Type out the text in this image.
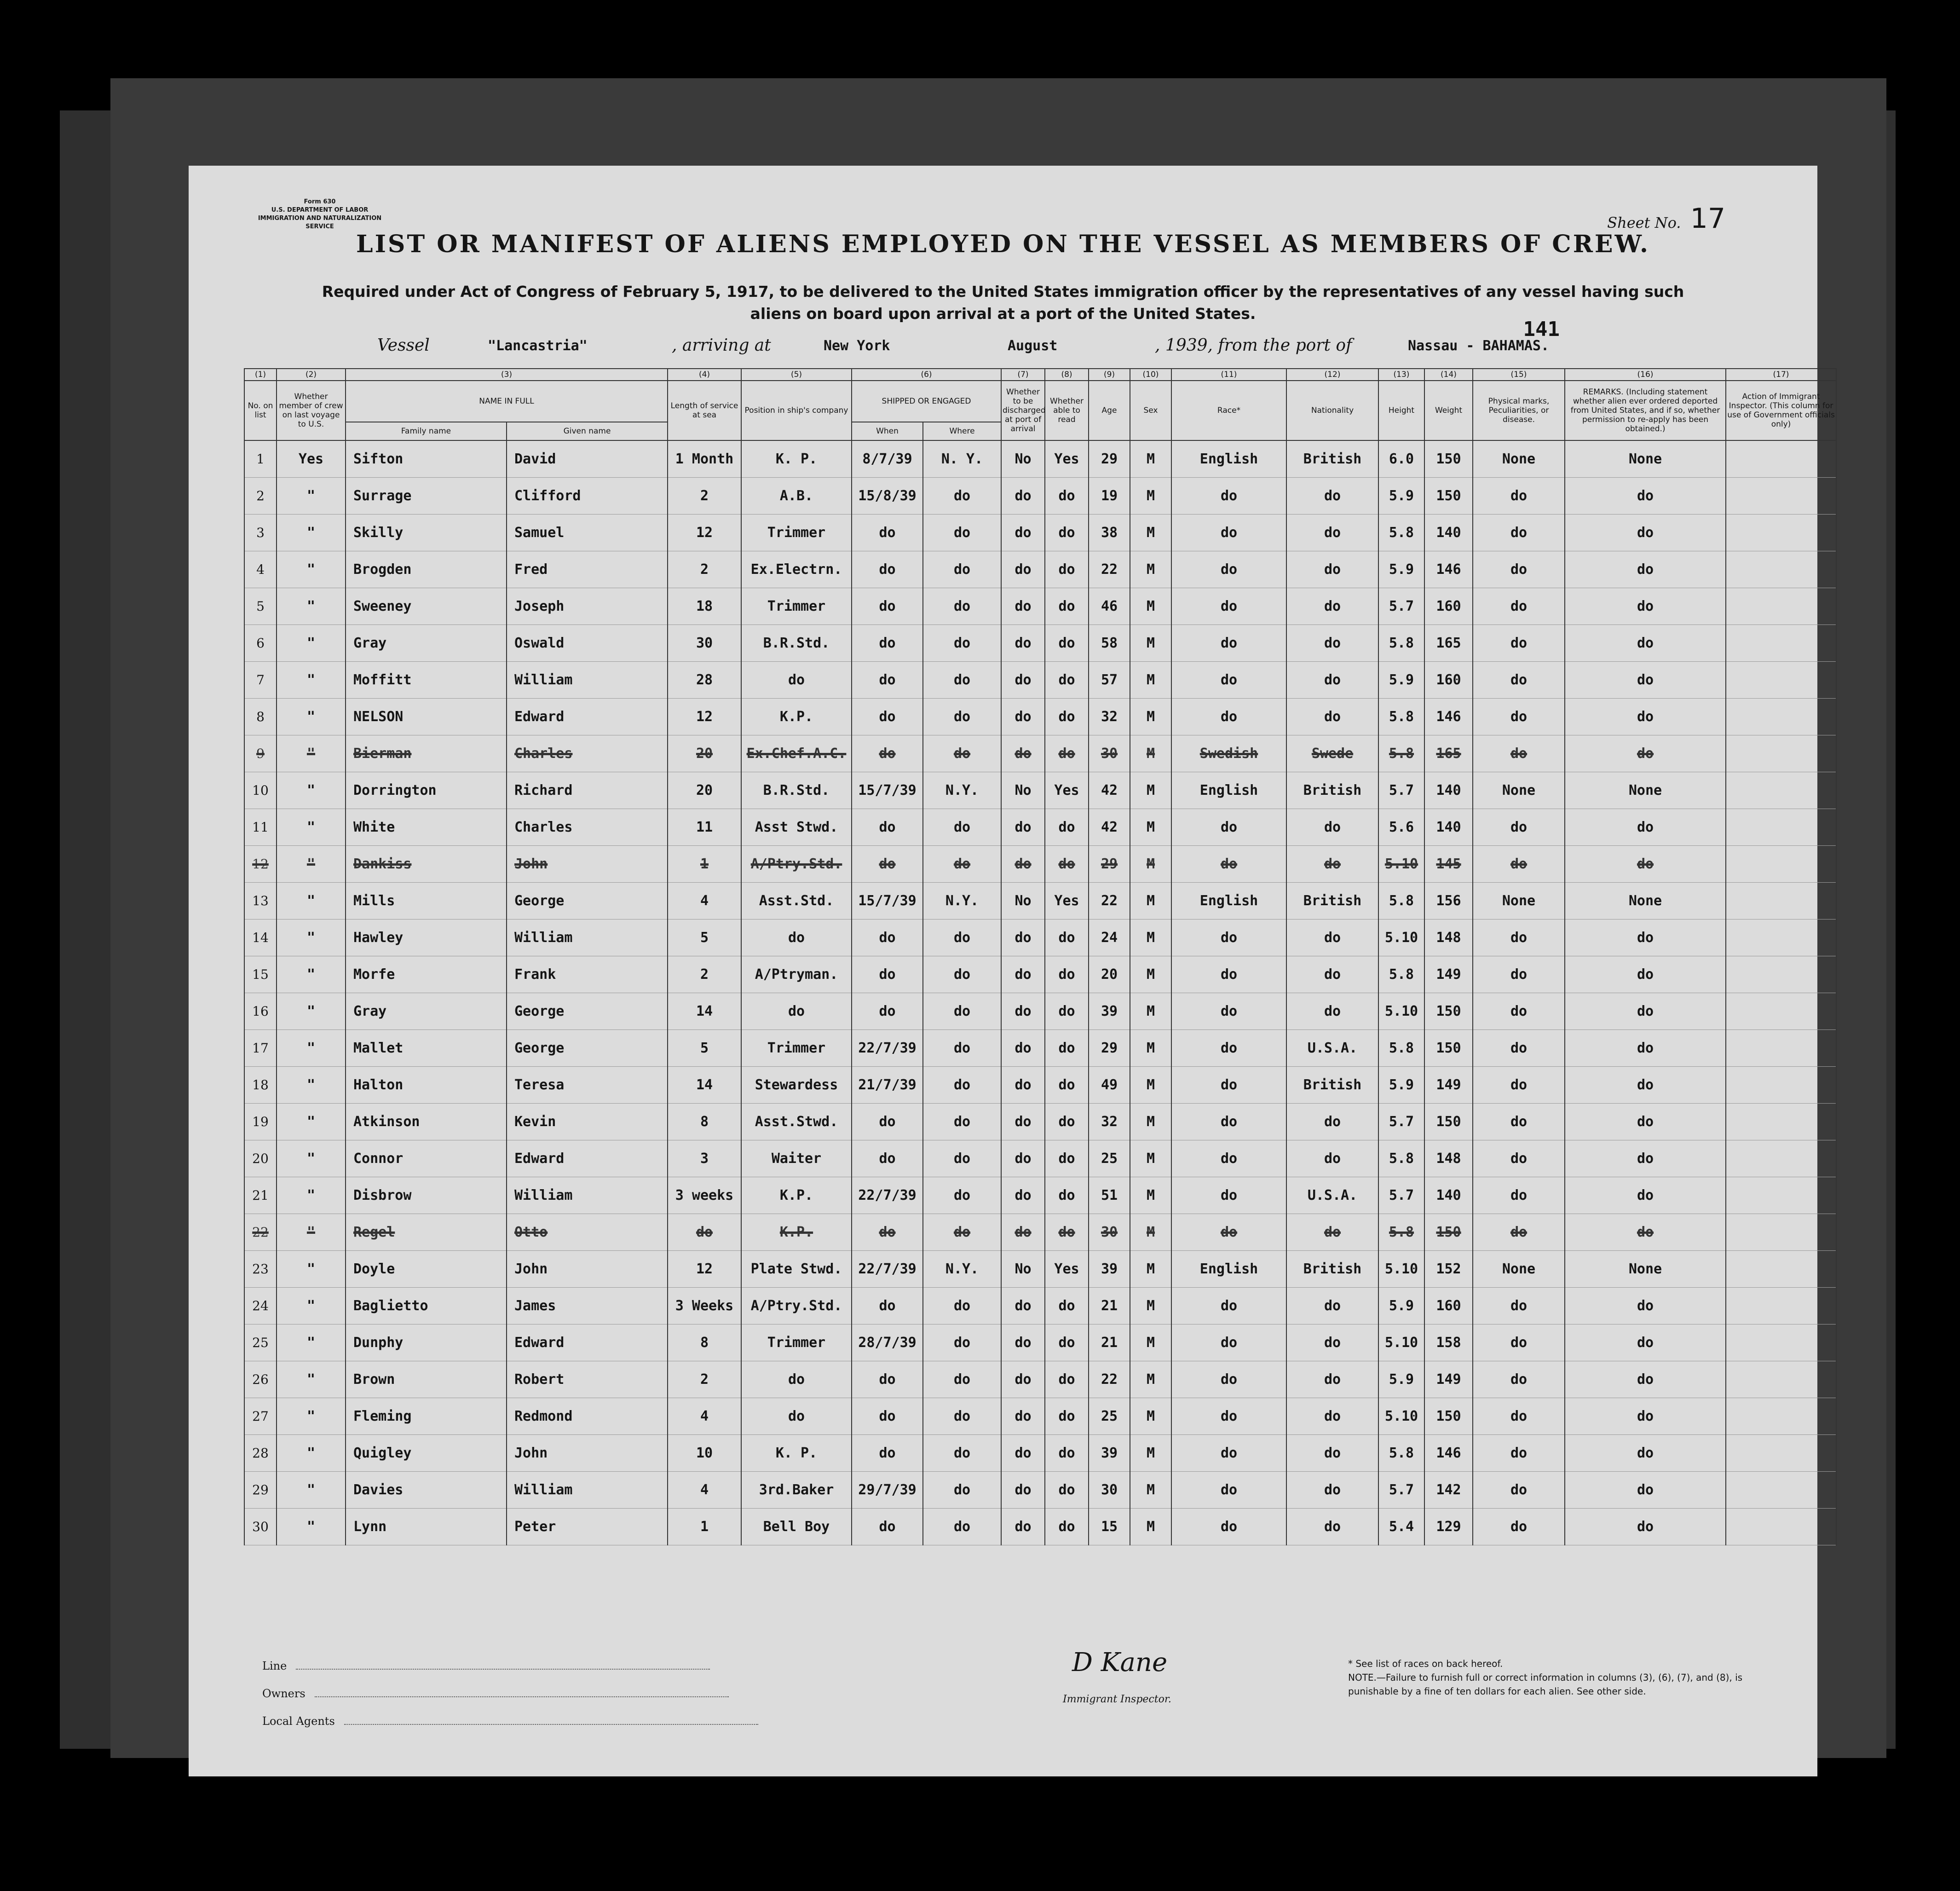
Form 630
U.S. DEPARTMENT OF LABOR
IMMIGRATION AND NATURALIZATION SERVICE	Sheet No. 17
LIST OR MANIFEST OF ALIENS EMPLOYED ON THE VESSEL AS MEMBERS OF CREW.
Required under Act of Congress of February 5, 1917, to be delivered to the United States immigration officer by the representatives of any vessel having such aliens on board upon arrival at a port of the United States.
141
Vessel	"Lancastria"	, arriving at	New York	August	, 1939, from the port of	Nassau - BAHAMAS.
(1)	(2)	(3)		(4)	(5)	(6)		(7)	(8)	(9)	(10)	(11)	(12)	(13)	(14)	(15)	(16)	(17)
No. on list	Whether member of crew on last voyage to U.S.	NAME IN FULL		Length of service at sea	Position in ship's company	SHIPPED OR ENGAGED		Whether to be discharged at port of arrival	Whether able to read	Age	Sex	Race*	Nationality	Height	Weight	Physical marks, Peculiarities, or disease.	REMARKS. (Including statement whether alien ever ordered deported from United States, and if so, whether permission to re-apply has been obtained.)	Action of Immigrant Inspector. (This column for use of Government officials only)
		Family name	Given name			When	Where											
1	Yes	Sifton	David	1 Month	K. P.	8/7/39	N. Y.	No	Yes	29	M	English	British	6.0	150	None	None	
2	"	Surrage	Clifford	2	A.B.	15/8/39	do	do	do	19	M	do	do	5.9	150	do	do	
3	"	Skilly	Samuel	12	Trimmer	do	do	do	do	38	M	do	do	5.8	140	do	do	
4	"	Brogden	Fred	2	Ex.Electrn.	do	do	do	do	22	M	do	do	5.9	146	do	do	
5	"	Sweeney	Joseph	18	Trimmer	do	do	do	do	46	M	do	do	5.7	160	do	do	
6	"	Gray	Oswald	30	B.R.Std.	do	do	do	do	58	M	do	do	5.8	165	do	do	
7	"	Moffitt	William	28	do	do	do	do	do	57	M	do	do	5.9	160	do	do	
8	"	NELSON	Edward	12	K.P.	do	do	do	do	32	M	do	do	5.8	146	do	do	
9	"	Bierman	Charles	20	Ex.Chef.A.C.	do	do	do	do	30	M	Swedish	Swede	5.8	165	do	do	
10	"	Dorrington	Richard	20	B.R.Std.	15/7/39	N.Y.	No	Yes	42	M	English	British	5.7	140	None	None	
11	"	White	Charles	11	Asst Stwd.	do	do	do	do	42	M	do	do	5.6	140	do	do	
12	"	Dankiss	John	1	A/Ptry.Std.	do	do	do	do	29	M	do	do	5.10	145	do	do	
13	"	Mills	George	4	Asst.Std.	15/7/39	N.Y.	No	Yes	22	M	English	British	5.8	156	None	None	
14	"	Hawley	William	5	do	do	do	do	do	24	M	do	do	5.10	148	do	do	
15	"	Morfe	Frank	2	A/Ptryman.	do	do	do	do	20	M	do	do	5.8	149	do	do	
16	"	Gray	George	14	do	do	do	do	do	39	M	do	do	5.10	150	do	do	
17	"	Mallet	George	5	Trimmer	22/7/39	do	do	do	29	M	do	U.S.A.	5.8	150	do	do	
18	"	Halton	Teresa	14	Stewardess	21/7/39	do	do	do	49	M	do	British	5.9	149	do	do	
19	"	Atkinson	Kevin	8	Asst.Stwd.	do	do	do	do	32	M	do	do	5.7	150	do	do	
20	"	Connor	Edward	3	Waiter	do	do	do	do	25	M	do	do	5.8	148	do	do	
21	"	Disbrow	William	3 weeks	K.P.	22/7/39	do	do	do	51	M	do	U.S.A.	5.7	140	do	do	
22	"	Regel	Otto	do	K.P.	do	do	do	do	30	M	do	do	5.8	150	do	do	
23	"	Doyle	John	12	Plate Stwd.	22/7/39	N.Y.	No	Yes	39	M	English	British	5.10	152	None	None	
24	"	Baglietto	James	3 Weeks	A/Ptry.Std.	do	do	do	do	21	M	do	do	5.9	160	do	do	
25	"	Dunphy	Edward	8	Trimmer	28/7/39	do	do	do	21	M	do	do	5.10	158	do	do	
26	"	Brown	Robert	2	do	do	do	do	do	22	M	do	do	5.9	149	do	do	
27	"	Fleming	Redmond	4	do	do	do	do	do	25	M	do	do	5.10	150	do	do	
28	"	Quigley	John	10	K. P.	do	do	do	do	39	M	do	do	5.8	146	do	do	
29	"	Davies	William	4	3rd.Baker	29/7/39	do	do	do	30	M	do	do	5.7	142	do	do	
30	"	Lynn	Peter	1	Bell Boy	do	do	do	do	15	M	do	do	5.4	129	do	do	
Line
Owners
Local Agents
D Kane
Immigrant Inspector.
* See list of races on back hereof.
NOTE.—Failure to furnish full or correct information in columns (3), (6), (7), and (8), is punishable by a fine of ten dollars for each alien. See other side.
